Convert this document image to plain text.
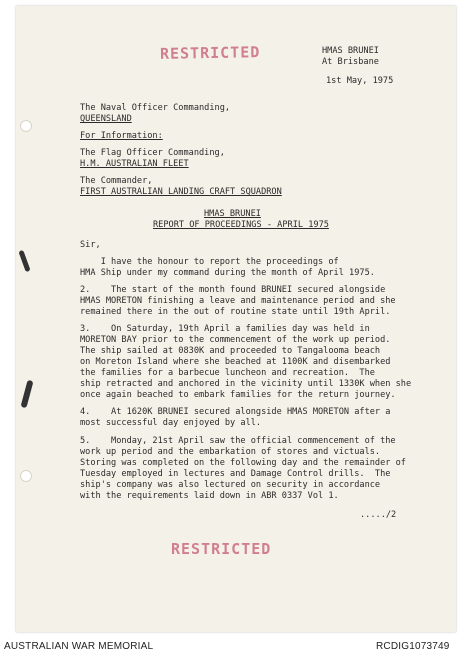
RESTRICTED	HMAS BRUNEI
At Brisbane
1st May, 1975
The Naval Officer Commanding,
QUEENSLAND
For Information:
The Flag Officer Commanding,
H.M. AUSTRALIAN FLEET
The Commander,
FIRST AUSTRALIAN LANDING CRAFT SQUADRON
HMAS BRUNEI
REPORT OF PROCEEDINGS - APRIL 1975
Sir,
I have the honour to report the proceedings of
HMA Ship under my command during the month of April 1975.
2.    The start of the month found BRUNEI secured alongside
HMAS MORETON finishing a leave and maintenance period and she
remained there in the out of routine state until 19th April.
3.    On Saturday, 19th April a families day was held in
MORETON BAY prior to the commencement of the work up period.
The ship sailed at 0830K and proceeded to Tangalooma beach
on Moreton Island where she beached at 1100K and disembarked
the families for a barbecue luncheon and recreation.  The
ship retracted and anchored in the vicinity until 1330K when she
once again beached to embark families for the return journey.
4.    At 1620K BRUNEI secured alongside HMAS MORETON after a
most successful day enjoyed by all.
5.    Monday, 21st April saw the official commencement of the
work up period and the embarkation of stores and victuals.
Storing was completed on the following day and the remainder of
Tuesday employed in lectures and Damage Control drills.  The
ship's company was also lectured on security in accordance
with the requirements laid down in ABR 0337 Vol 1.
...../2
RESTRICTED
AUSTRALIAN WAR MEMORIAL	RCDIG1073749
